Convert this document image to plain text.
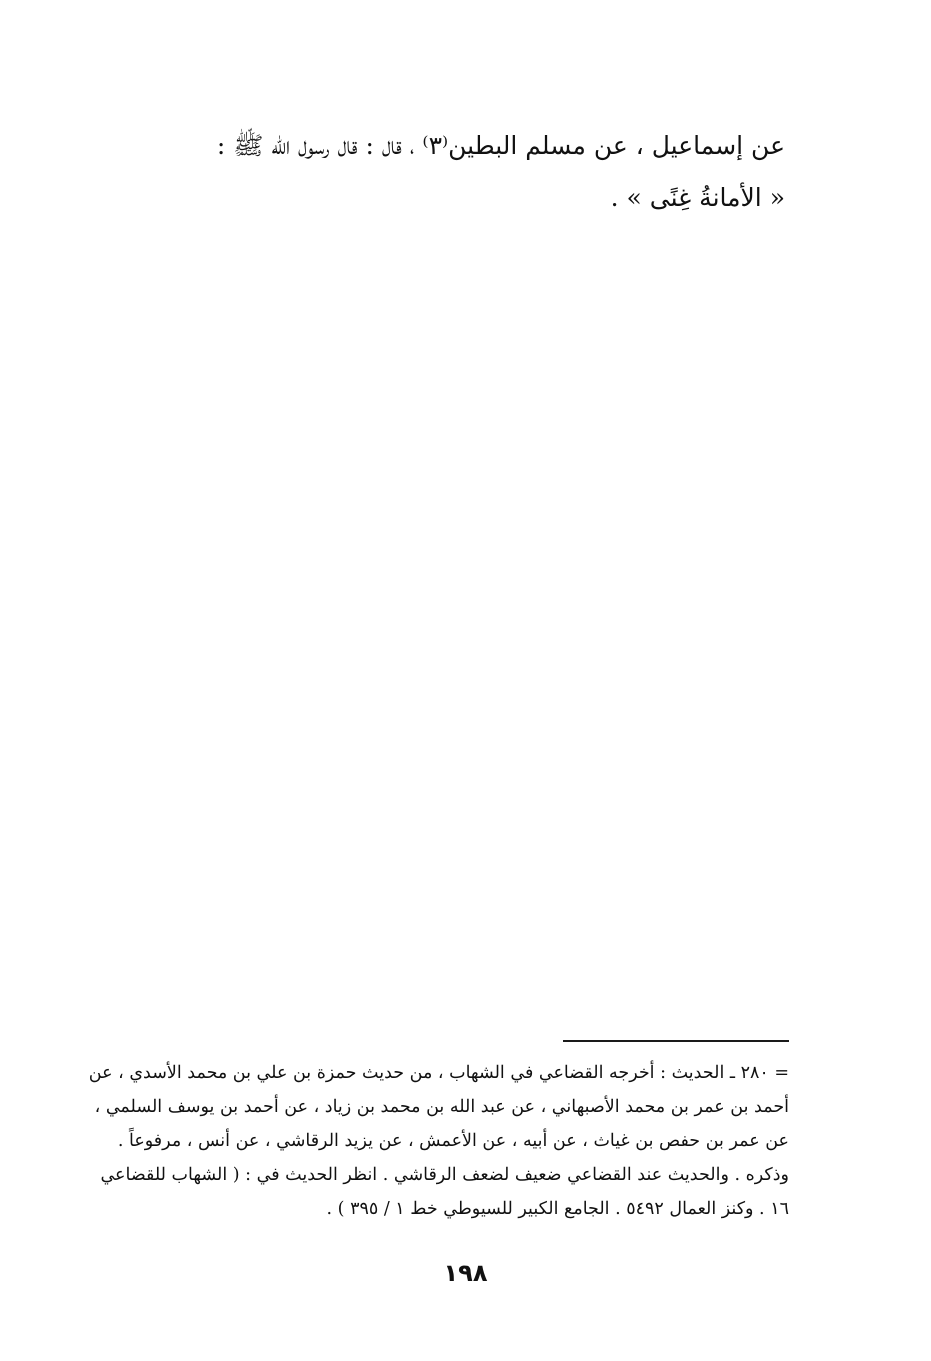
عن إسماعيل ، عن مسلم البطين⁽٣⁾ ، قال : قال رسول الله ﷺ :

« الأمانةُ غِنًى » .

= ٢٨٠ ـ الحديث : أخرجه القضاعي في الشهاب ، من حديث حمزة بن علي بن محمد الأسدي ، عن

أحمد بن عمر بن محمد الأصبهاني ، عن عبد الله بن محمد بن زياد ، عن أحمد بن يوسف السلمي ،

عن عمر بن حفص بن غياث ، عن أبيه ، عن الأعمش ، عن يزيد الرقاشي ، عن أنس ، مرفوعاً .

وذكره . والحديث عند القضاعي ضعيف لضعف الرقاشي . انظر الحديث في : ( الشهاب للقضاعي

١٦ . وكنز العمال ٥٤٩٢ . الجامع الكبير للسيوطي خط ١ / ٣٩٥ ) .

١٩٨
